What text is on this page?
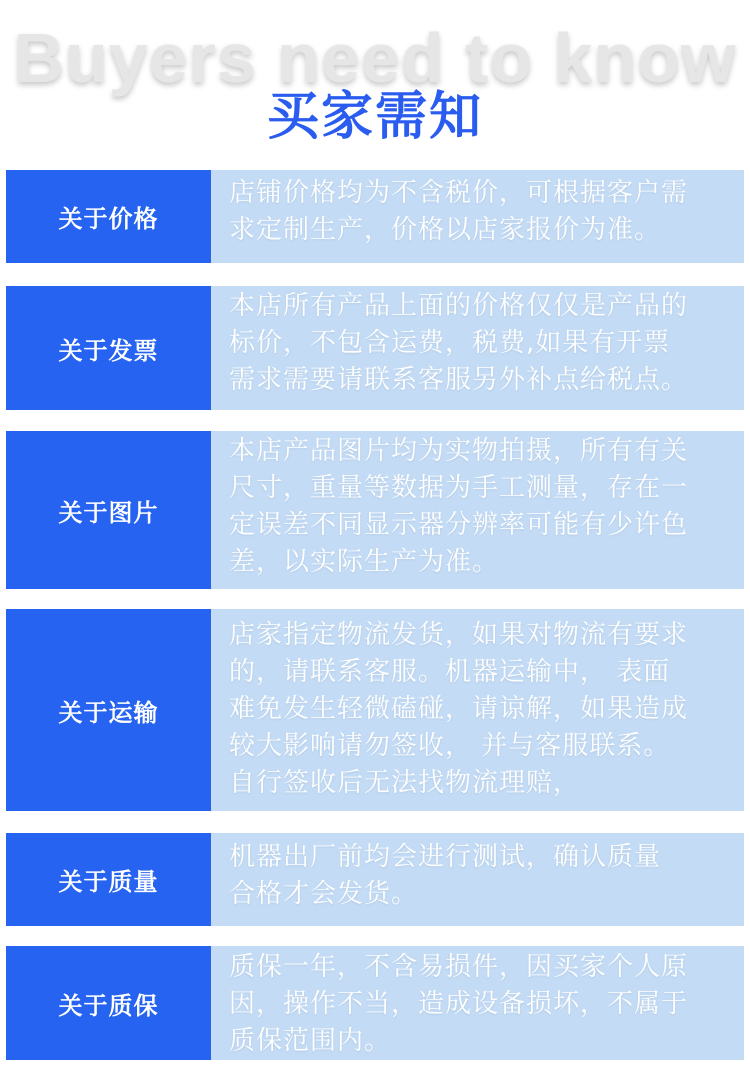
Buyers need to know
买家需知
关于价格
店铺价格均为不含税价，可根据客户需
求定制生产，价格以店家报价为准。
关于发票
本店所有产品上面的价格仅仅是产品的
标价，不包含运费，税费,如果有开票
需求需要请联系客服另外补点给税点。
关于图片
本店产品图片均为实物拍摄，所有有关
尺寸，重量等数据为手工测量，存在一
定误差不同显示器分辨率可能有少许色
差，以实际生产为准。
关于运输
店家指定物流发货，如果对物流有要求
的，请联系客服。机器运输中， 表面
难免发生轻微磕碰，请谅解，如果造成
较大影响请勿签收， 并与客服联系。
自行签收后无法找物流理赔，
关于质量
机器出厂前均会进行测试，确认质量
合格才会发货。
关于质保
质保一年，不含易损件，因买家个人原
因，操作不当，造成设备损坏，不属于
质保范围内。
